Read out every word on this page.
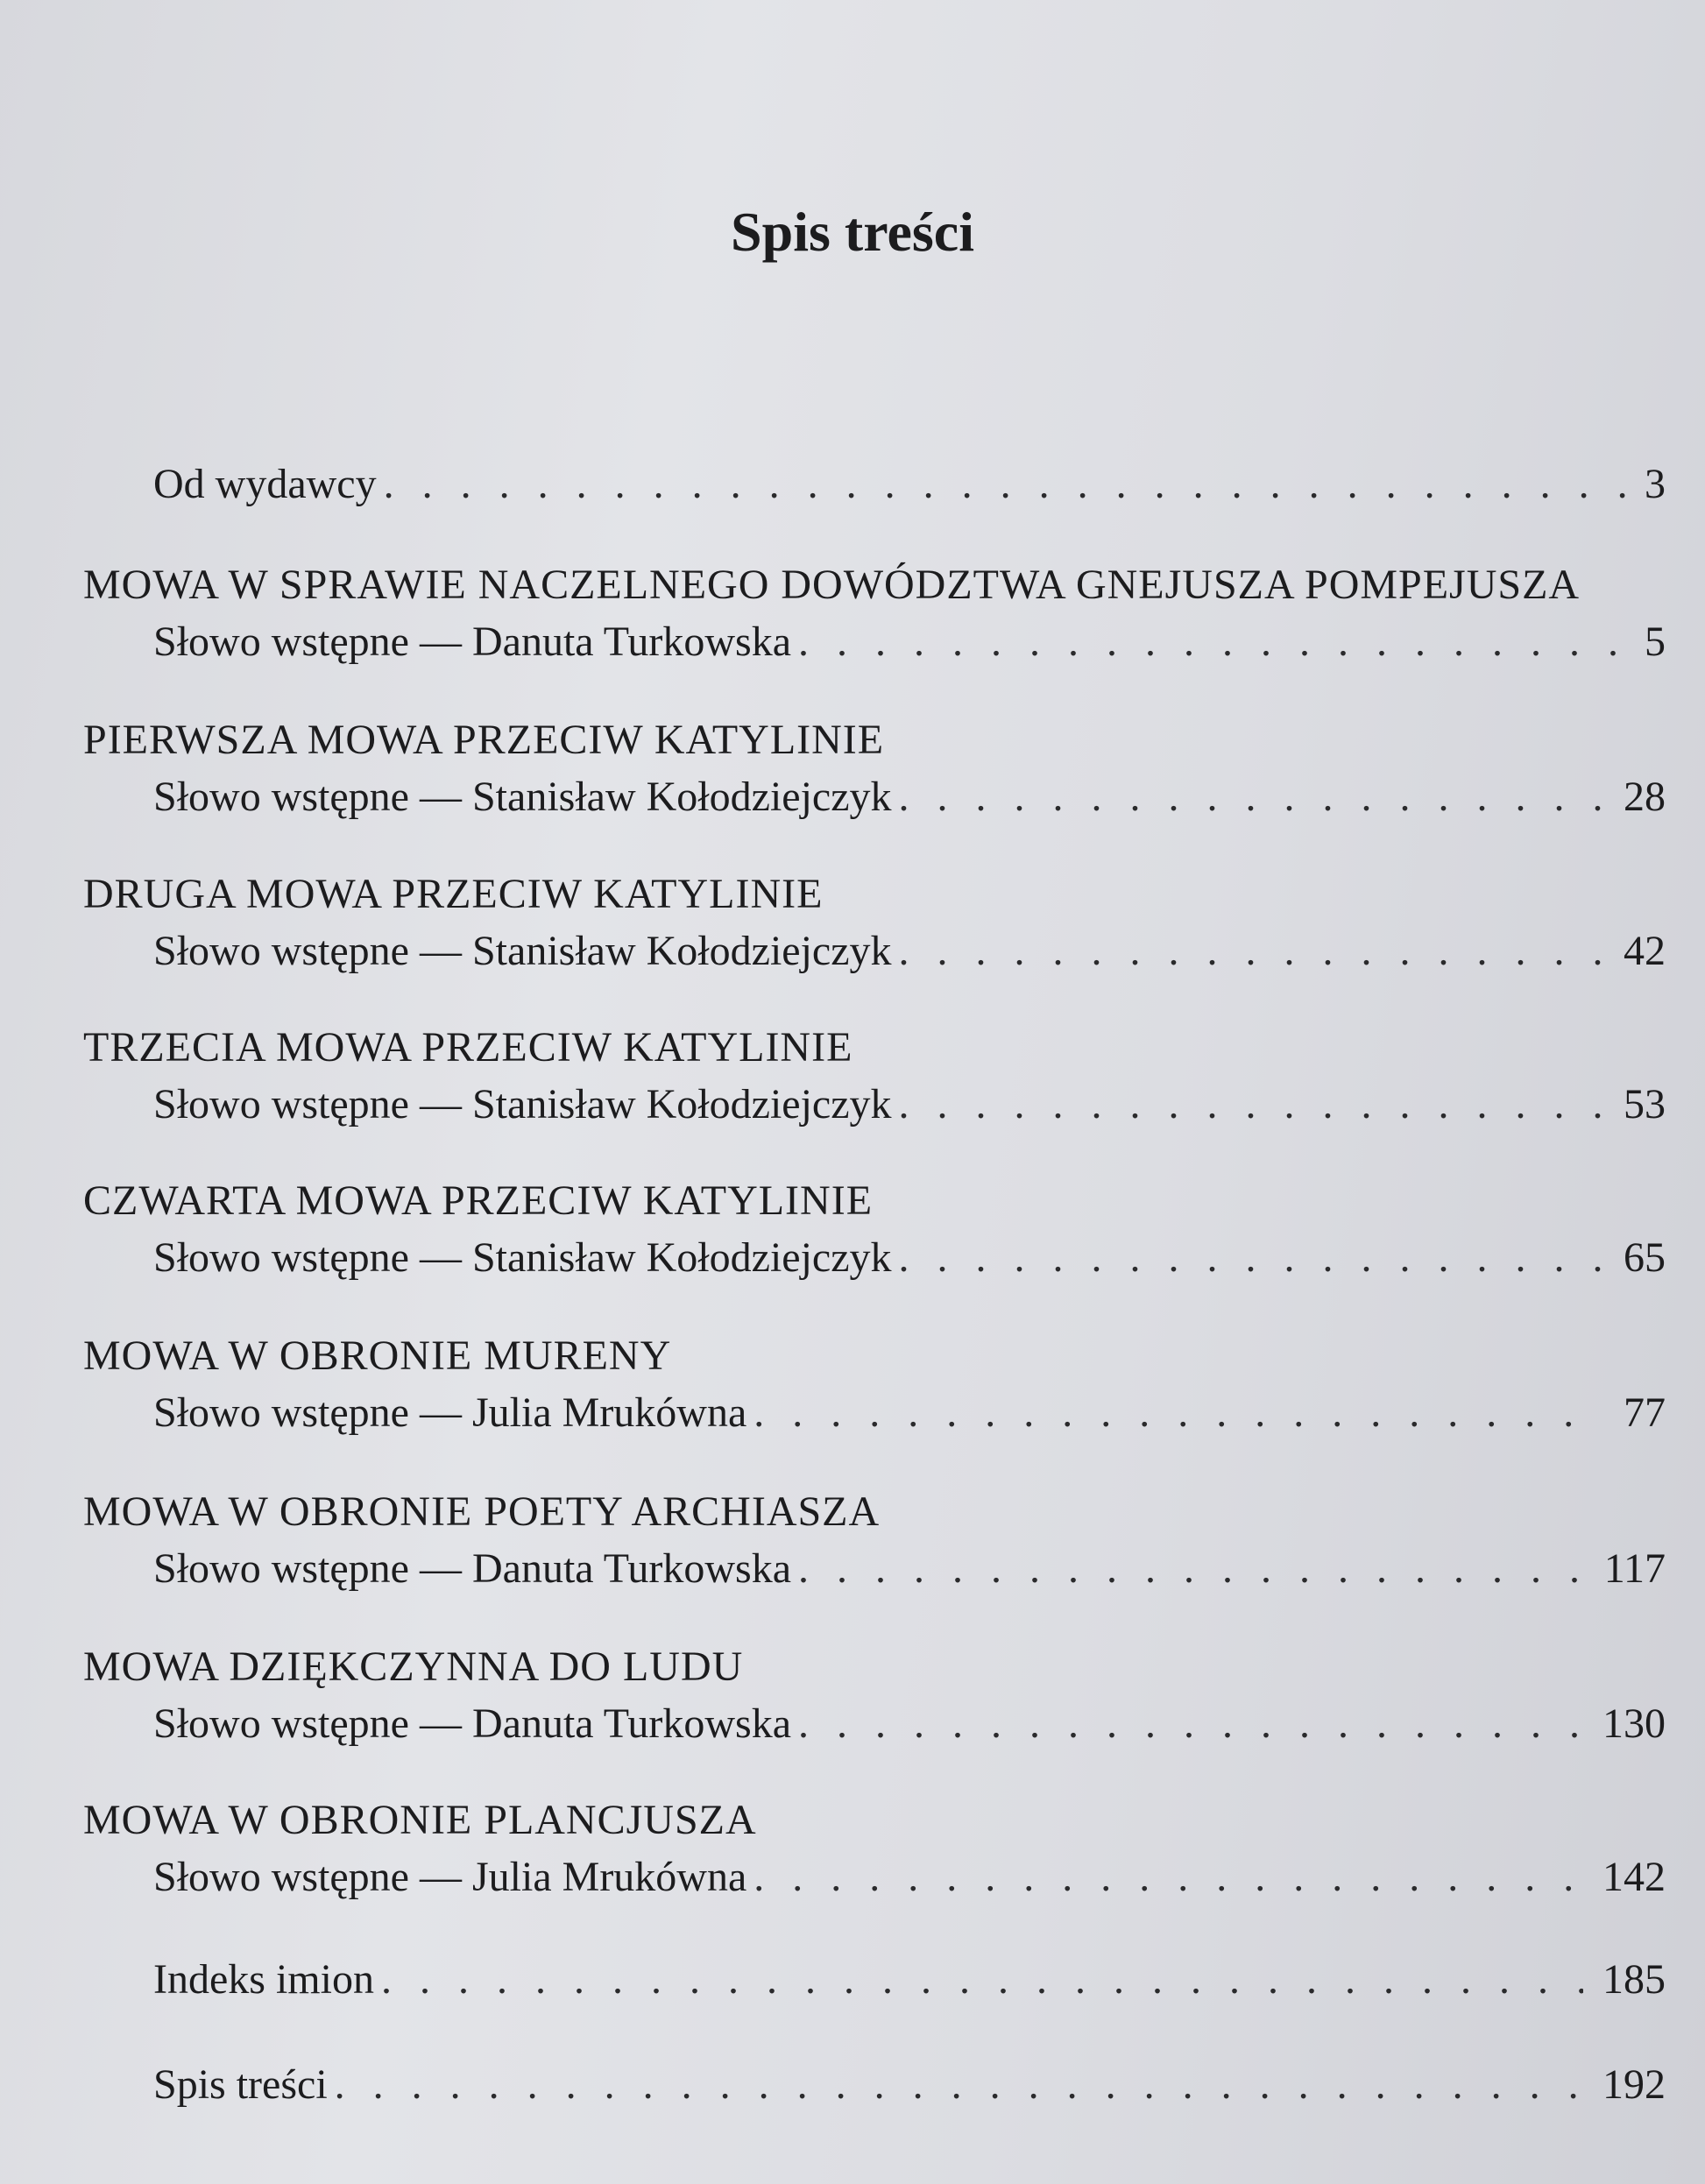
Spis treści
Od wydawcy . . .	3
MOWA W SPRAWIE NACZELNEGO DOWÓDZTWA GNEJUSZA POMPEJUSZA
Słowo wstępne — Danuta Turkowska . . .	5
PIERWSZA MOWA PRZECIW KATYLINIE
Słowo wstępne — Stanisław Kołodziejczyk . . .	28
DRUGA MOWA PRZECIW KATYLINIE
Słowo wstępne — Stanisław Kołodziejczyk . . .	42
TRZECIA MOWA PRZECIW KATYLINIE
Słowo wstępne — Stanisław Kołodziejczyk . . .	53
CZWARTA MOWA PRZECIW KATYLINIE
Słowo wstępne — Stanisław Kołodziejczyk . . .	65
MOWA W OBRONIE MURENY
Słowo wstępne — Julia Mrukówna . . .	77
MOWA W OBRONIE POETY ARCHIASZA
Słowo wstępne — Danuta Turkowska . . .	117
MOWA DZIĘKCZYNNA DO LUDU
Słowo wstępne — Danuta Turkowska . . .	130
MOWA W OBRONIE PLANCJUSZA
Słowo wstępne — Julia Mrukówna . . .	142
Indeks imion . . .	185
Spis treści . . .	192
